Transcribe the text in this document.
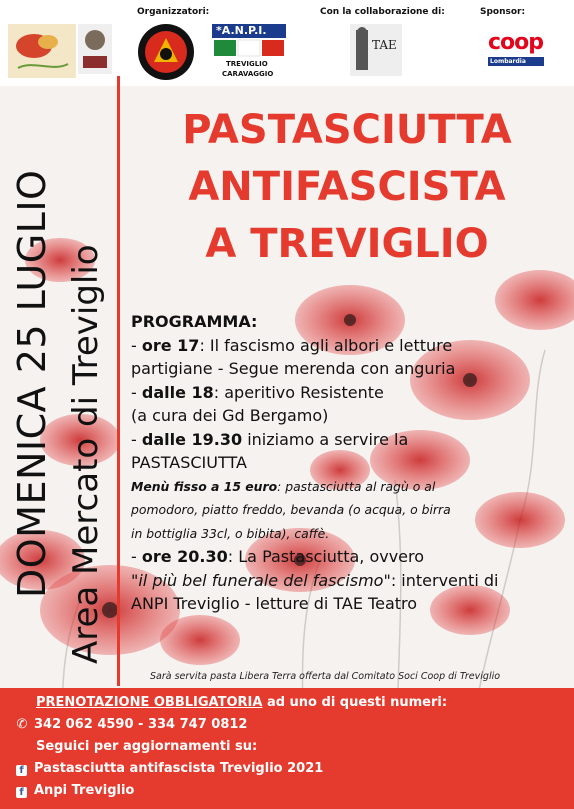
Organizzatori:	Con la collaborazione di:	Sponsor:
*A.N.P.I.
TREVIGLIO
CARAVAGGIO
TAE	coop
Lombardia
DOMENICA 25 LUGLIO Area Mercato di Treviglio
PASTASCIUTTA
ANTIFASCISTA
A TREVIGLIO
PROGRAMMA:
- ore 17: Il fascismo agli albori e letture
partigiane - Segue merenda con anguria
- dalle 18: aperitivo Resistente
(a cura dei Gd Bergamo)
- dalle 19.30 iniziamo a servire la
PASTASCIUTTA
Menù fisso a 15 euro: pastasciutta al ragù o al
pomodoro, piatto freddo, bevanda (o acqua, o birra
in bottiglia 33cl, o bibita), caffè.
- ore 20.30: La Pastasciutta, ovvero
"il più bel funerale del fascismo": interventi di
ANPI Treviglio - letture di TAE Teatro
Sarà servita pasta Libera Terra offerta dal Comitato Soci Coop di Treviglio
PRENOTAZIONE OBBLIGATORIA ad uno di questi numeri:
✆ 342 062 4590 - 334 747 0812
Seguici per aggiornamenti su:
f Pastasciutta antifascista Treviglio 2021
f Anpi Treviglio
